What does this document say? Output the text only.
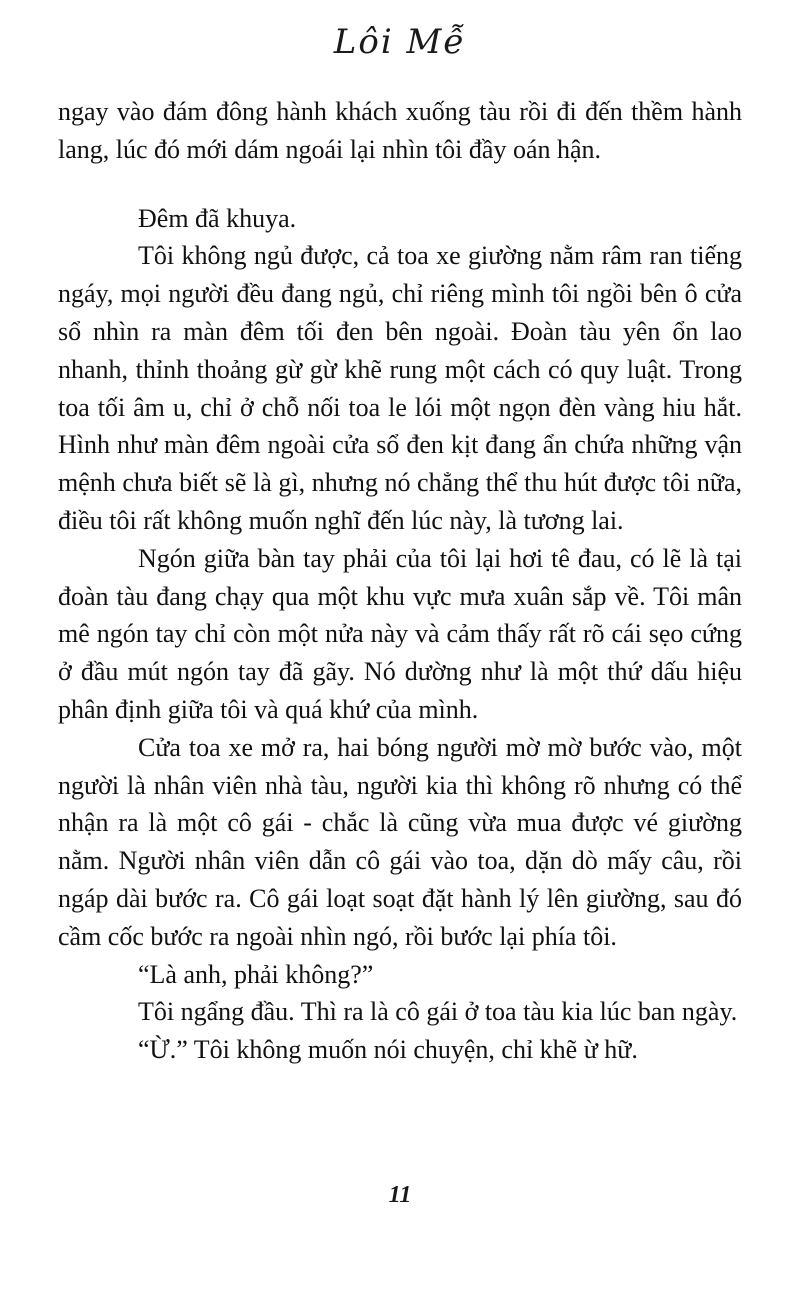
Lôi Mễ

ngay vào đám đông hành khách xuống tàu rồi đi đến thềm hành lang, lúc đó mới dám ngoái lại nhìn tôi đầy oán hận.

Đêm đã khuya.

Tôi không ngủ được, cả toa xe giường nằm râm ran tiếng ngáy, mọi người đều đang ngủ, chỉ riêng mình tôi ngồi bên ô cửa sổ nhìn ra màn đêm tối đen bên ngoài. Đoàn tàu yên ổn lao nhanh, thỉnh thoảng gừ gừ khẽ rung một cách có quy luật. Trong toa tối âm u, chỉ ở chỗ nối toa le lói một ngọn đèn vàng hiu hắt. Hình như màn đêm ngoài cửa sổ đen kịt đang ẩn chứa những vận mệnh chưa biết sẽ là gì, nhưng nó chẳng thể thu hút được tôi nữa, điều tôi rất không muốn nghĩ đến lúc này, là tương lai.

Ngón giữa bàn tay phải của tôi lại hơi tê đau, có lẽ là tại đoàn tàu đang chạy qua một khu vực mưa xuân sắp về. Tôi mân mê ngón tay chỉ còn một nửa này và cảm thấy rất rõ cái sẹo cứng ở đầu mút ngón tay đã gãy. Nó dường như là một thứ dấu hiệu phân định giữa tôi và quá khứ của mình.

Cửa toa xe mở ra, hai bóng người mờ mờ bước vào, một người là nhân viên nhà tàu, người kia thì không rõ nhưng có thể nhận ra là một cô gái - chắc là cũng vừa mua được vé giường nằm. Người nhân viên dẫn cô gái vào toa, dặn dò mấy câu, rồi ngáp dài bước ra. Cô gái loạt soạt đặt hành lý lên giường, sau đó cầm cốc bước ra ngoài nhìn ngó, rồi bước lại phía tôi.

“Là anh, phải không?”

Tôi ngẩng đầu. Thì ra là cô gái ở toa tàu kia lúc ban ngày.

“Ừ.” Tôi không muốn nói chuyện, chỉ khẽ ừ hữ.

11
